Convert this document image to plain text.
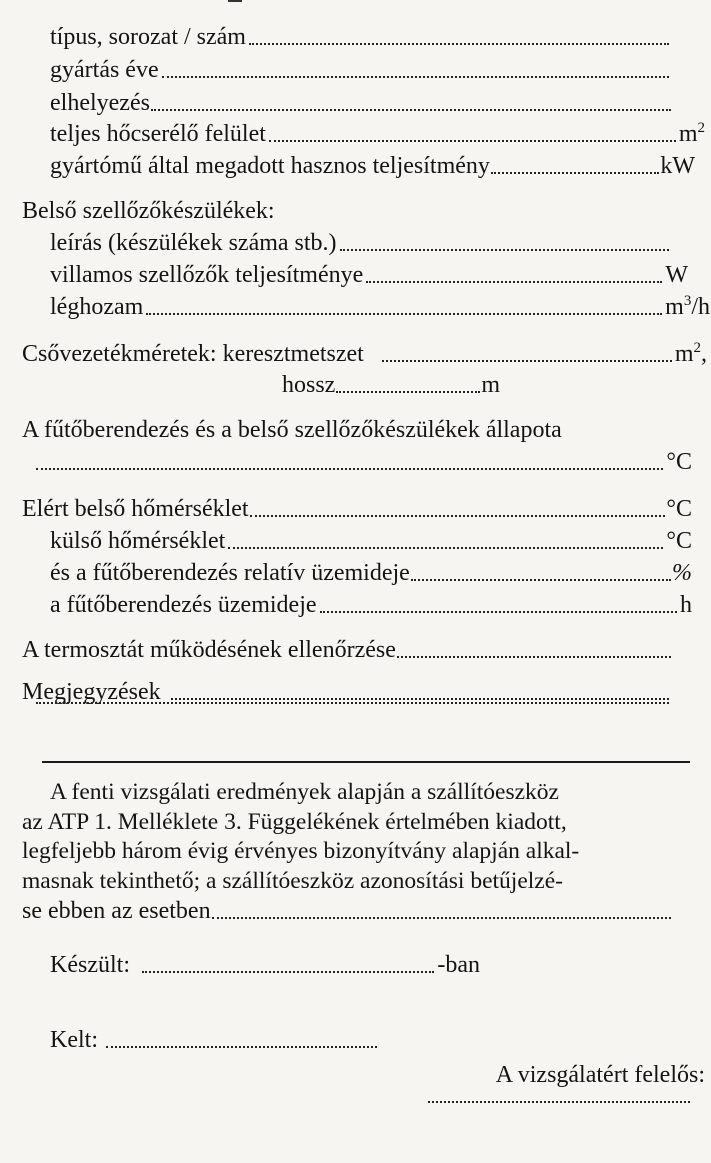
típus, sorozat / szám
gyártás éve
elhelyezés
teljes hőcserélő felület	$m^2$
gyártómű által megadott hasznos teljesítmény	kW
Belső szellőzőkészülékek:
leírás (készülékek száma stb.)
villamos szellőzők teljesítménye	W
léghozam	$m^3/h$
Csővezetékméretek: keresztmetszet	$m^2$,
hossz	m
A fűtőberendezés és a belső szellőzőkészülékek állapota
°C
Elért belső hőmérséklet	°C
külső hőmérséklet	°C
és a fűtőberendezés relatív üzemideje	%
a fűtőberendezés üzemideje	h
A termosztát működésének ellenőrzése
Megjegyzések
A fenti vizsgálati eredmények alapján a szállítóeszköz
az ATP 1. Melléklete 3. Függelékének értelmében kiadott,
legfeljebb három évig érvényes bizonyítvány alapján alkal-
masnak tekinthető; a szállítóeszköz azonosítási betűjelzé-
se ebben az esetben
Készült:	-ban
Kelt:
A vizsgálatért felelős:
